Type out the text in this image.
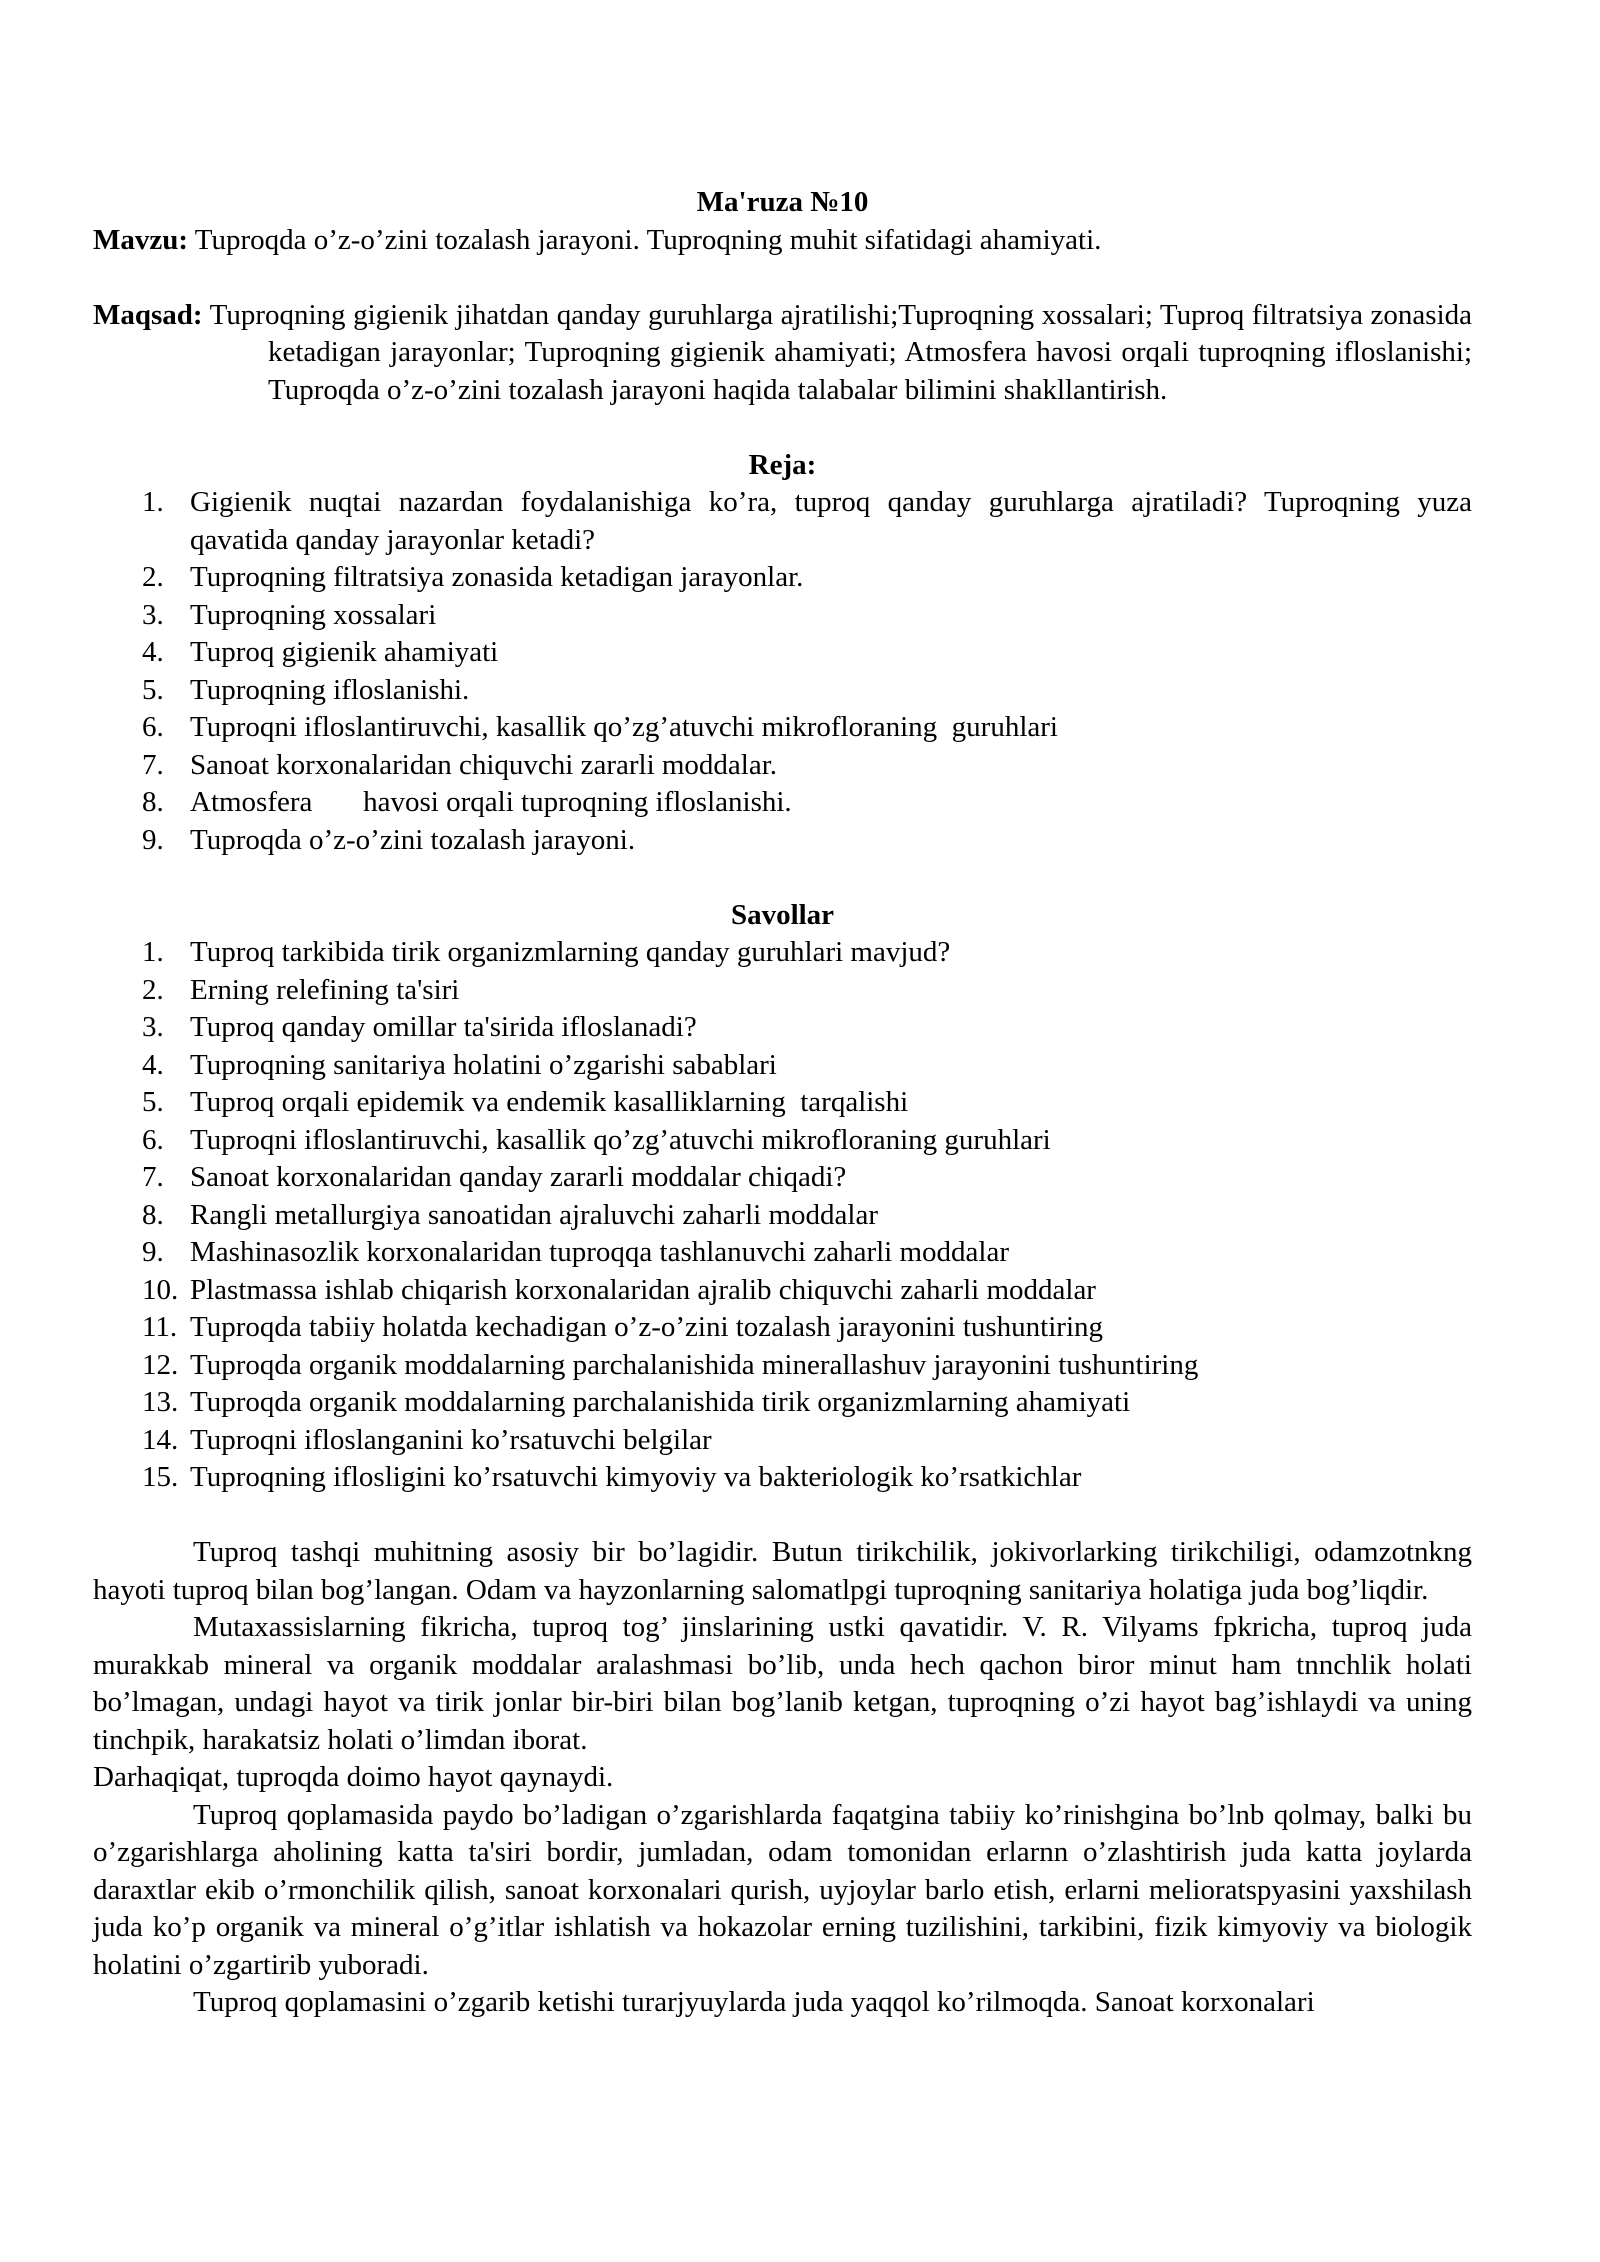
Ma'ruza №10
Mavzu: Tuproqda o’z-o’zini tozalash jarayoni. Tuproqning muhit sifatidagi ahamiyati.
Maqsad: Tuproqning gigienik jihatdan qanday guruhlarga ajratilishi;Tuproqning xossalari; Tuproq filtratsiya zonasida ketadigan jarayonlar; Tuproqning gigienik ahamiyati; Atmosfera havosi orqali tuproqning ifloslanishi; Tuproqda o’z-o’zini tozalash jarayoni haqida talabalar bilimini shakllantirish.
Reja:
1. Gigienik nuqtai nazardan foydalanishiga ko’ra, tuproq qanday guruhlarga ajratiladi? Tuproqning yuza qavatida qanday jarayonlar ketadi?
2. Tuproqning filtratsiya zonasida ketadigan jarayonlar.
3. Tuproqning xossalari
4. Tuproq gigienik ahamiyati
5. Tuproqning ifloslanishi.
6. Tuproqni ifloslantiruvchi, kasallik qo’zg’atuvchi mikrofloraning  guruhlari
7. Sanoat korxonalaridan chiquvchi zararli moddalar.
8. Atmosfera       havosi orqali tuproqning ifloslanishi.
9. Tuproqda o’z-o’zini tozalash jarayoni.
Savollar
1. Tuproq tarkibida tirik organizmlarning qanday guruhlari mavjud?
2. Erning relefining ta'siri
3. Tuproq qanday omillar ta'sirida ifloslanadi?
4. Tuproqning sanitariya holatini o’zgarishi sabablari
5. Tuproq orqali epidemik va endemik kasalliklarning  tarqalishi
6. Tuproqni ifloslantiruvchi, kasallik qo’zg’atuvchi mikrofloraning guruhlari
7. Sanoat korxonalaridan qanday zararli moddalar chiqadi?
8. Rangli metallurgiya sanoatidan ajraluvchi zaharli moddalar
9. Mashinasozlik korxonalaridan tuproqqa tashlanuvchi zaharli moddalar
10. Plastmassa ishlab chiqarish korxonalaridan ajralib chiquvchi zaharli moddalar
11. Tuproqda tabiiy holatda kechadigan o’z-o’zini tozalash jarayonini tushuntiring
12. Tuproqda organik moddalarning parchalanishida minerallashuv jarayonini tushuntiring
13. Tuproqda organik moddalarning parchalanishida tirik organizmlarning ahamiyati
14. Tuproqni ifloslanganini ko’rsatuvchi belgilar
15. Tuproqning iflosligini ko’rsatuvchi kimyoviy va bakteriologik ko’rsatkichlar

Tuproq tashqi muhitning asosiy bir bo’lagidir. Butun tirikchilik, jokivorlarking tirikchiligi, odamzotnkng hayoti tuproq bilan bog’langan. Odam va hayzonlarning salomatlpgi tuproqning sanitariya holatiga juda bog’liqdir.

Mutaxassislarning fikricha, tuproq tog’ jinslarining ustki qavatidir. V. R. Vilyams fpkricha, tuproq juda murakkab mineral va organik moddalar aralashmasi bo’lib, unda hech qachon biror minut ham tnnchlik holati bo’lmagan, undagi hayot va tirik jonlar bir-biri bilan bog’lanib ketgan, tuproqning o’zi hayot bag’ishlaydi va uning tinchpik, harakatsiz holati o’limdan iborat.

Darhaqiqat, tuproqda doimo hayot qaynaydi.

Tuproq qoplamasida paydo bo’ladigan o’zgarishlarda faqatgina tabiiy ko’rinishgina bo’lnb qolmay, balki bu o’zgarishlarga aholining katta ta'siri bordir, jumladan, odam tomonidan erlarnn o’zlashtirish juda katta joylarda daraxtlar ekib o’rmonchilik qilish, sanoat korxonalari qurish, uyjoylar barlo etish, erlarni melioratspyasini yaxshilash juda ko’p organik va mineral o’g’itlar ishlatish va hokazolar erning tuzilishini, tarkibini, fizik kimyoviy va biologik holatini o’zgartirib yuboradi.

Tuproq qoplamasini o’zgarib ketishi turarjyuylarda juda yaqqol ko’rilmoqda. Sanoat korxonalari
